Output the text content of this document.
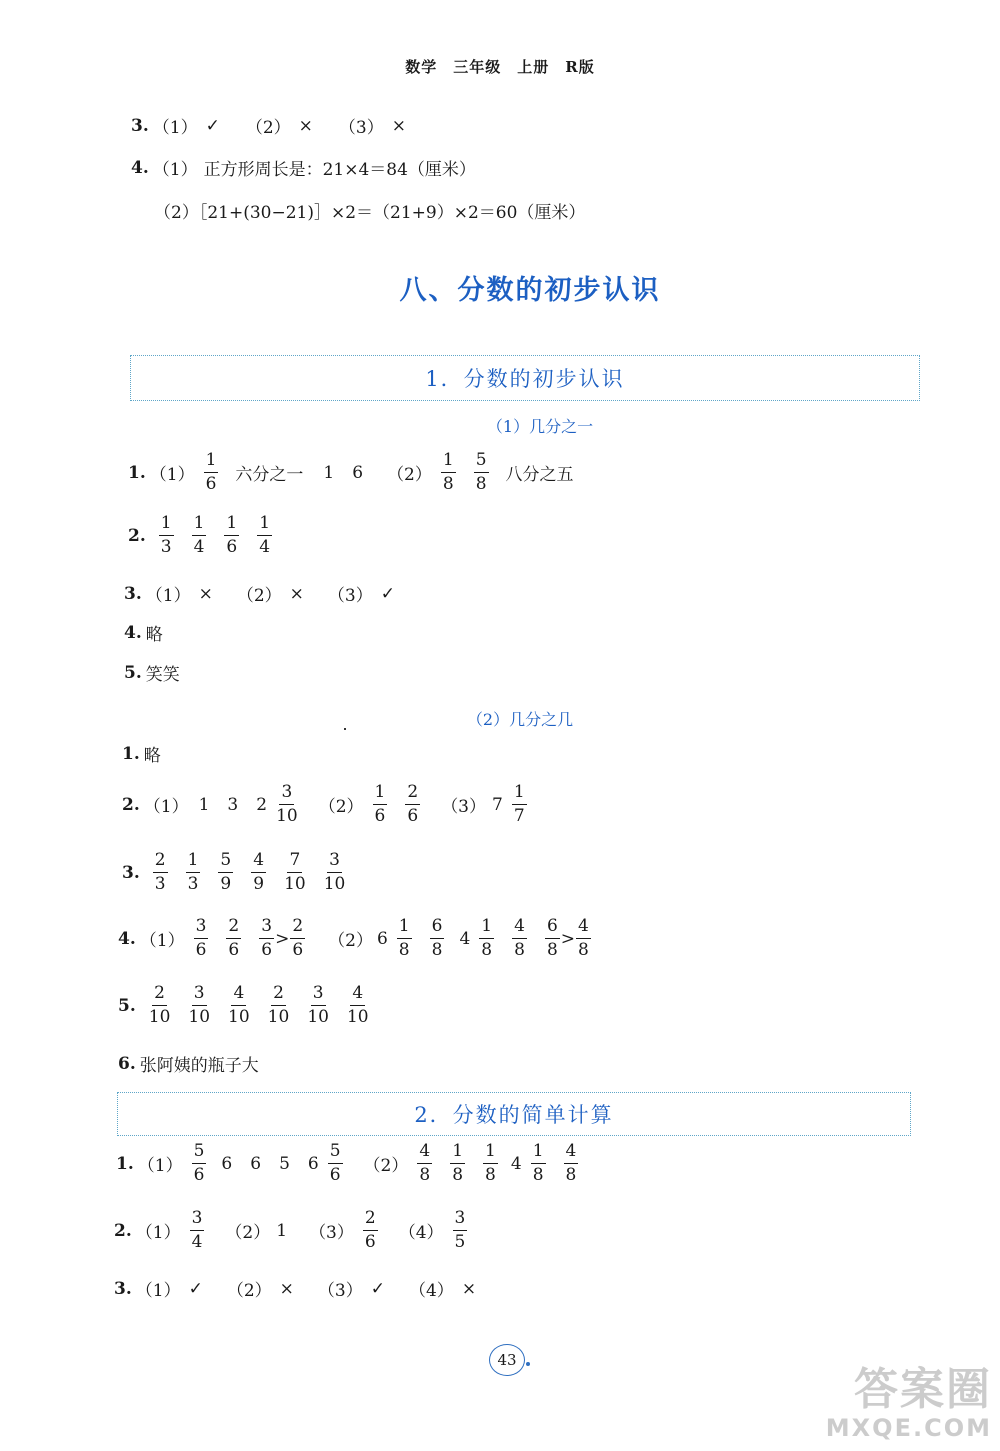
数学　三年级　上册　R版
3. （1） ✓ （2） × （3） ×
4. （1） 正方形周长是：21×4＝84（厘米）
（2）［21+(30−21)］×2＝（21+9）×2＝60（厘米）
八、分数的初步认识
1．分数的初步认识
（1）几分之一
1. $(1) \frac{1}{6}$ 六分之一 1 6 $(2) \frac{1}{8} \frac{5}{8}$ 八分之五
2. $\frac{1}{3} \frac{1}{4} \frac{1}{6} \frac{1}{4}$
3. （1） × （2） × （3） ✓
4. 略
5. 笑笑
（2）几分之几
1. 略
2. （1） 1 3 $2 \frac{3}{10} (2) \frac{1}{6} \frac{2}{6} (3)$ $7 \frac{1}{7}$
3. $\frac{2}{3} \frac{1}{3} \frac{5}{9} \frac{4}{9} \frac{7}{10} \frac{3}{10}$
4. $(1) \frac{3}{6} \frac{2}{6} \frac{3}{6} > \frac{2}{6} (2)$ $6 \frac{1}{8} \frac{6}{8} 4 \frac{1}{8} \frac{4}{8} \frac{6}{8} > \frac{4}{8}$
5. $\frac{2}{10} \frac{3}{10} \frac{4}{10} \frac{2}{10} \frac{3}{10} \frac{4}{10}$
6. 张阿姨的瓶子大
2．分数的简单计算
1. $(1) \frac{5}{6} 6$ 6 5 $6 \frac{5}{6} (2) \frac{4}{8} \frac{1}{8} \frac{1}{8} 4 \frac{1}{8} \frac{4}{8}$
2. $(1) \frac{3}{4} (2)$ 1 $(3) \frac{2}{6} (4) \frac{3}{5}$
3. （1） ✓ （2） × （3） ✓ （4） ×
43
答案圈
MXQE.COM
